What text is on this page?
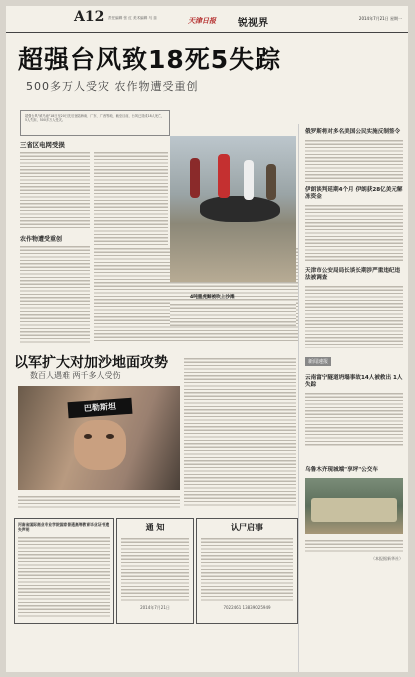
A12 责任编辑 张 红 美术编辑 马 蕊	天津日报 锐视界	2014年7月21日 星期一
超强台风致18死5失踪
500多万人受灾 农作物遭受重创
超强台风"威马逊"18日至20日先后登陆海南、广东、广西等地，截至目前，台风已造成18人死亡，5人失踪，500多万人受灾。
三省区电网受损
农作物遭受重创
4吨重虎鲸被吹上沙滩
以军扩大对加沙地面攻势
数百人遇难 两千多人受伤
巴勒斯坦
俄罗斯将对多名美国公民实施反制签令
伊朗谈判延期4个月 伊朗获28亿美元解冻资金
天津市公安局局长谈长期涉严重违纪违法被调查
新闻速报
云南富宁隧道坍塌事故14人被救出 1人失踪
乌鲁木齐现城端"享坪"公交车
（本报据新华社）
河南省国际商业专业学院国家普通高等教育毕业证书遗失声明	通 知
2014年7月21日
认尸启事
7022461 13839025949
